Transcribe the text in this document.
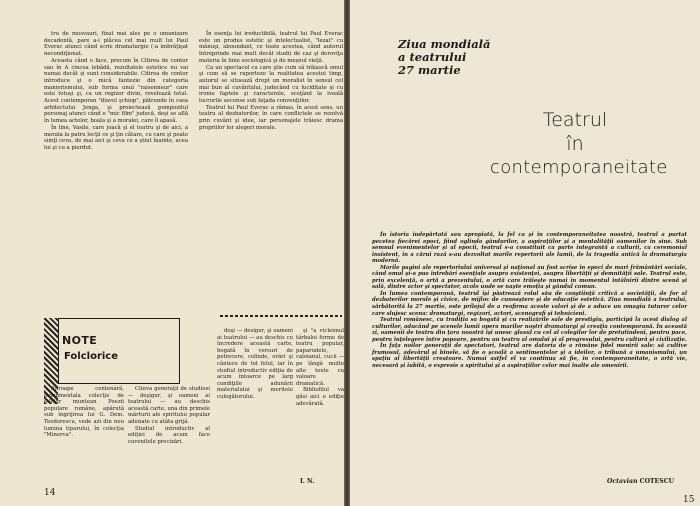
tru de mosvauri, fixat mai ales pe o umanizare decadentă, pare a-i plăcea cel mai mult lui Paul Everac atunci când scrie dramaturgie (-a imbrăţişat necondiţionat.

Aceasta când o face, precum în Citirea de contor sau în A cincea lebădă, rezultatele estetice nu vai numai decât şi sunt considerabile. Citirea de contor introduce şi o mică fantezie din categoria manierismului, sub forma unui "raisonneur" care este totuşi şi, ca un regizor divin, revelează totul. Acest contemporan "diavol şchiop", pătrunde în casa arhitectului Jenga, şi proiectează pompozitul personaj atunci când o "mic film" judecă, deşi se află în lumea actelor, boala şi a moralei, care îl apasă.

În line, Vasile, care joacă şi el teatru şi de aici, a morala la patru lecţii ce şi ţin cătare, cu care şi poate simţi ceva, de mai aici şi ceva ce a ştiut înainte, acea lui şi cu a pierdut.

În esenţa lui ireductibilă, teatrul lui Paul Everac este un produs estetic şi intelectualist, "lezat" cu mănuşi, aboundant, ce toate acestea, când autorul întreprinde mai mult decât studii de caz şi deroviţa materia în linie sociologică şi de meşnul vieţii.

Ca un spectacol cu care ştie cum să trăiască omul şi cum să se raporteze la realitatea acestui timp, autorul se situează drept un moralist în sensul cel mai bun al cuvântului, judecând cu luciditate şi cu ironie faptele şi caracterele, scoţând la iveală lucrurile ascunse sub faţada convenţiilor.

Teatrul lui Paul Everac a rămas, în acest sens, un teatru al dezbaterilor, în care conflictele se rezolvă prin cuvânt şi idee, iar personajele trăiesc drama propriilor lor alegeri morale.

NOTE
Folclorice

Aproape centenară, monumentala colecţie de folclor muntean Poezii populare române, apărută sub îngrijirea lui G. Dem. Teodorescu, vede azi din nou lumina tiparului, în colecţia "Minerva".

Citeva generaţii de studiosi — deşigur, şi oameni ai teatrului — au deschis această carte, una din primele mărturii ale spiritului popular adunate cu atâta grijă.

Studiul introductiv al ediţiei de acum face cuvenitele precizări.

doşi — desigur, şi oameni ai teatrului — au deschis cu încredere această carte, bogată în versuri de petrecere, colinde, orări şi cântece de tot felul, iar în studiul introductiv ediţia de acum întoarce pe larg condiţiile adunării materialului şi meritele culegătorului.

şi "a vicleimul tărbaloi forme de teatru popular, paparudele, caloianul, cucii — pe lângă multe alte texte cu valoare dramatică.

Bibliofilul va găsi aici o ediţie adevărată.

I. N.
14
Ziua mondială
a teatrului
27 martie
Teatrul
în
contemporaneitate

În istoria îndepărtată sau apropiată, la fel ca şi în contemporaneitatea noastră, teatrul a purtat pecetea fiecărei epoci, fiind oglinda gândurilor, a aspiraţiilor şi a mentalităţii oamenilor în sine. Sub semnul evenimentelor şi al epocii, teatrul s-a constituit ca parte integrantă a culturii, ca ceremonial insistent, în a cărui rază s-au dezvoltat marile repertorii ale lumii, de la tragedia antică la dramaturgia modernă.

Marile pagini ale repertoriului universal şi naţional au fost scrise în epoci de mari frământări sociale, când omul şi-a pus întrebări esenţiale asupra existenţei, asupra libertăţii şi demnităţii sale. Teatrul este, prin excelenţă, o artă a prezentului, o artă care trăieşte numai în momentul întâlnirii dintre scenă şi sală, dintre actor şi spectator, acolo unde se naşte emoţia şi gândul comun.

În lumea contemporană, teatrul îşi păstrează rolul său de conştiinţă critică a societăţii, de for al dezbaterilor morale şi civice, de mijloc de cunoaştere şi de educaţie estetică. Ziua mondială a teatrului, sărbătorită la 27 martie, este prilejul de a reafirma aceste valori şi de a aduce un omagiu tuturor celor care slujesc scena: dramaturgi, regizori, actori, scenografi şi tehnicieni.

Teatrul românesc, cu tradiţia sa bogată şi cu realizările sale de prestigiu, participă la acest dialog al culturilor, aducând pe scenele lumii opera marilor noştri dramaturgi şi creaţia contemporană. În această zi, oamenii de teatru din ţara noastră îşi unesc glasul cu cel al colegilor lor de pretutindeni, pentru pace, pentru înţelegere între popoare, pentru un teatru al omului şi al progresului, pentru cultură şi civilizaţie.

În faţa noilor generaţii de spectatori, teatrul are datoria de a rămâne fidel menirii sale: să cultive frumosul, adevărul şi binele, să fie o şcoală a sentimentelor şi a ideilor, o tribună a umanismului, un spaţiu al libertăţii creatoare. Numai astfel el va continua să fie, în contemporaneitate, o artă vie, necesară şi iubită, o expresie a spiritului şi a aspiraţiilor celor mai înalte ale omenirii.

Octavian COTESCU
15
